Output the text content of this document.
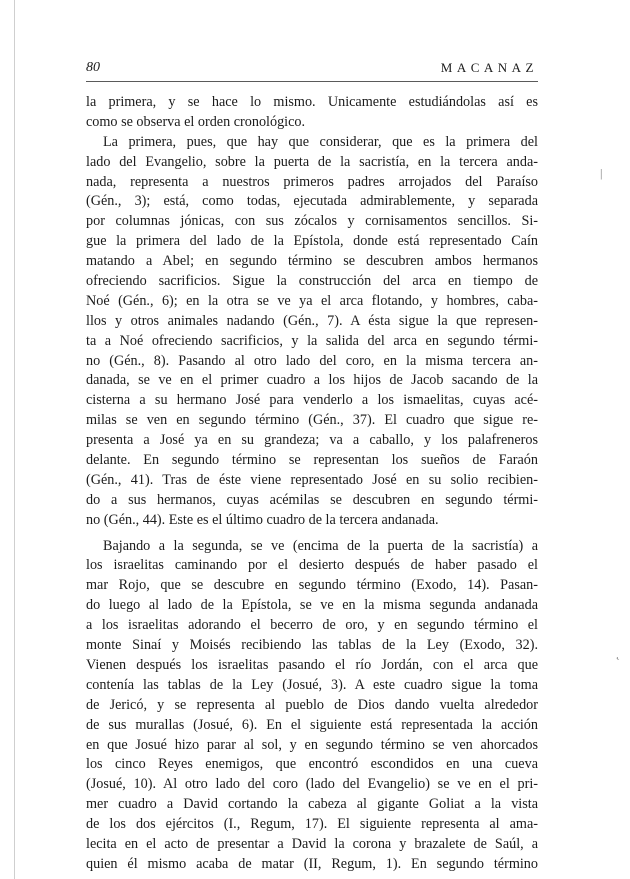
80	MACANAZ
la primera, y se hace lo mismo. Unicamente estudiándolas así es
como se observa el orden cronológico.
La primera, pues, que hay que considerar, que es la primera del
lado del Evangelio, sobre la puerta de la sacristía, en la tercera anda-
nada, representa a nuestros primeros padres arrojados del Paraíso
(Gén., 3); está, como todas, ejecutada admirablemente, y separada
por columnas jónicas, con sus zócalos y cornisamentos sencillos. Si-
gue la primera del lado de la Epístola, donde está representado Caín
matando a Abel; en segundo término se descubren ambos hermanos
ofreciendo sacrificios. Sigue la construcción del arca en tiempo de
Noé (Gén., 6); en la otra se ve ya el arca flotando, y hombres, caba-
llos y otros animales nadando (Gén., 7). A ésta sigue la que represen-
ta a Noé ofreciendo sacrificios, y la salida del arca en segundo térmi-
no (Gén., 8). Pasando al otro lado del coro, en la misma tercera an-
danada, se ve en el primer cuadro a los hijos de Jacob sacando de la
cisterna a su hermano José para venderlo a los ismaelitas, cuyas acé-
milas se ven en segundo término (Gén., 37). El cuadro que sigue re-
presenta a José ya en su grandeza; va a caballo, y los palafreneros
delante. En segundo término se representan los sueños de Faraón
(Gén., 41). Tras de éste viene representado José en su solio recibien-
do a sus hermanos, cuyas acémilas se descubren en segundo térmi-
no (Gén., 44). Este es el último cuadro de la tercera andanada.
Bajando a la segunda, se ve (encima de la puerta de la sacristía) a
los israelitas caminando por el desierto después de haber pasado el
mar Rojo, que se descubre en segundo término (Exodo, 14). Pasan-
do luego al lado de la Epístola, se ve en la misma segunda andanada
a los israelitas adorando el becerro de oro, y en segundo término el
monte Sinaí y Moisés recibiendo las tablas de la Ley (Exodo, 32).
Vienen después los israelitas pasando el río Jordán, con el arca que
contenía las tablas de la Ley (Josué, 3). A este cuadro sigue la toma
de Jericó, y se representa al pueblo de Dios dando vuelta alrededor
de sus murallas (Josué, 6). En el siguiente está representada la acción
en que Josué hizo parar al sol, y en segundo término se ven ahorcados
los cinco Reyes enemigos, que encontró escondidos en una cueva
(Josué, 10). Al otro lado del coro (lado del Evangelio) se ve en el pri-
mer cuadro a David cortando la cabeza al gigante Goliat a la vista
de los dos ejércitos (I., Regum, 17). El siguiente representa al ama-
lecita en el acto de presentar a David la corona y brazalete de Saúl, a
quien él mismo acaba de matar (II, Regum, 1). En segundo término
|
˛
